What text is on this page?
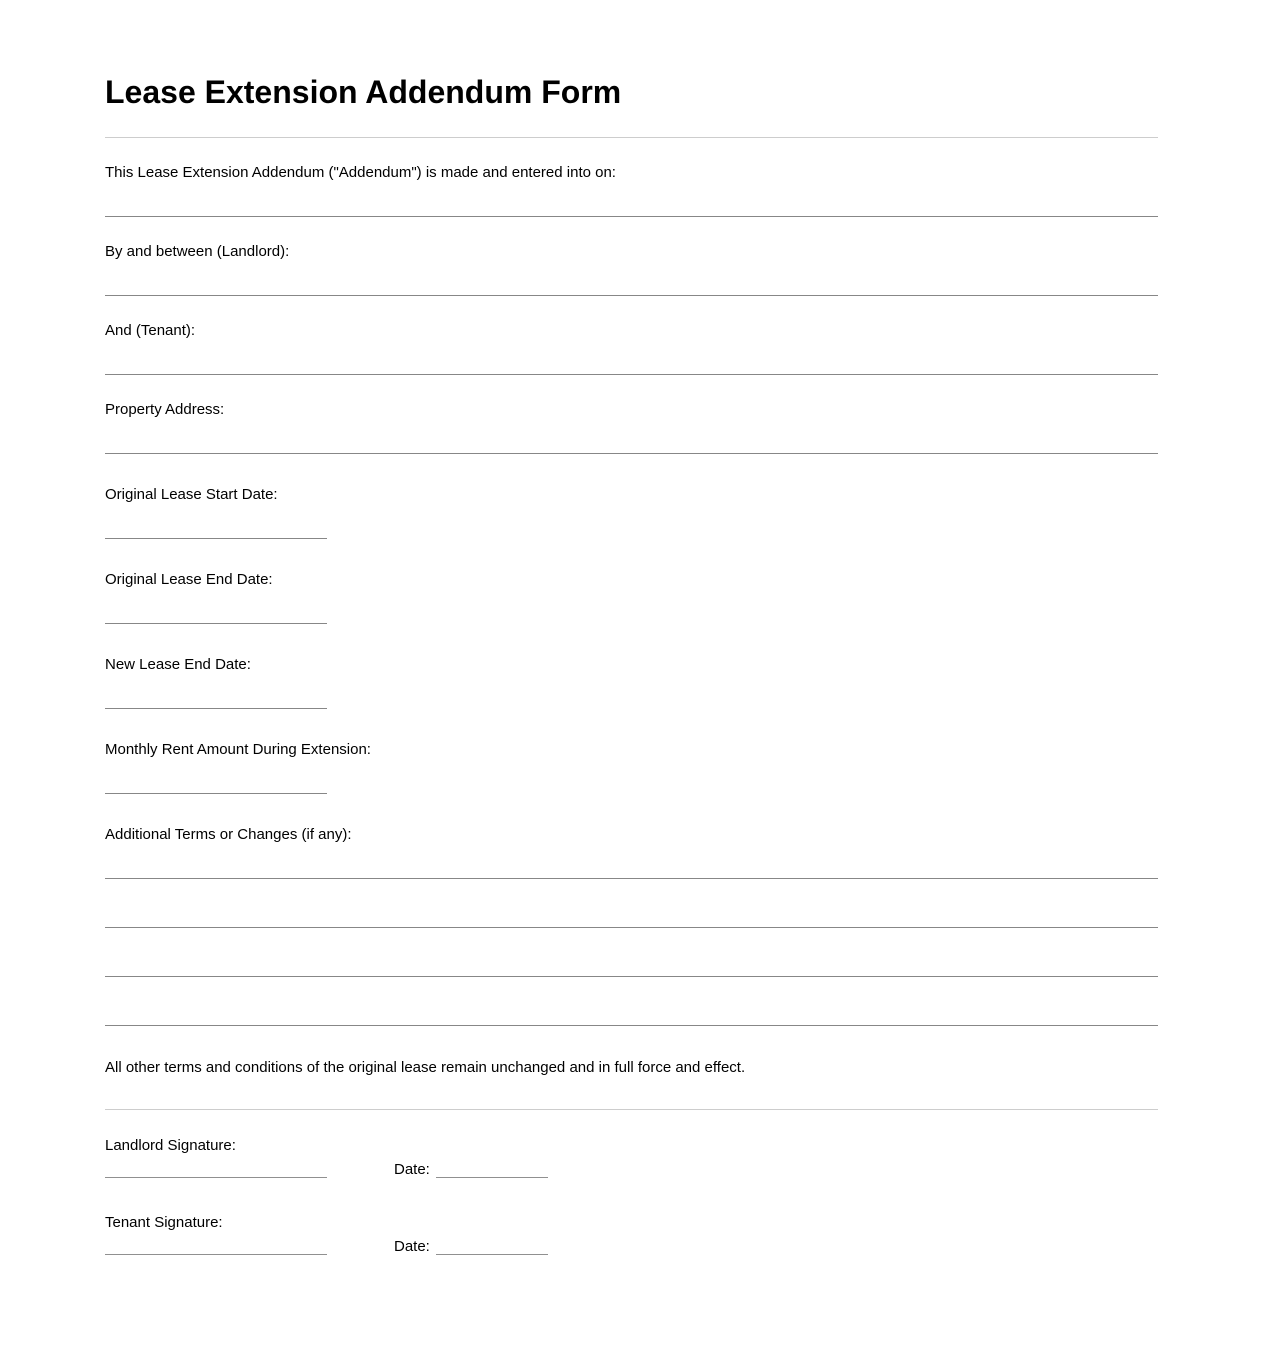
Lease Extension Addendum Form

This Lease Extension Addendum ("Addendum") is made and entered into on:

By and between (Landlord):

And (Tenant):

Property Address:

Original Lease Start Date:

Original Lease End Date:

New Lease End Date:

Monthly Rent Amount During Extension:

Additional Terms or Changes (if any):

All other terms and conditions of the original lease remain unchanged and in full force and effect.

Landlord Signature:

Date:

Tenant Signature:

Date:
